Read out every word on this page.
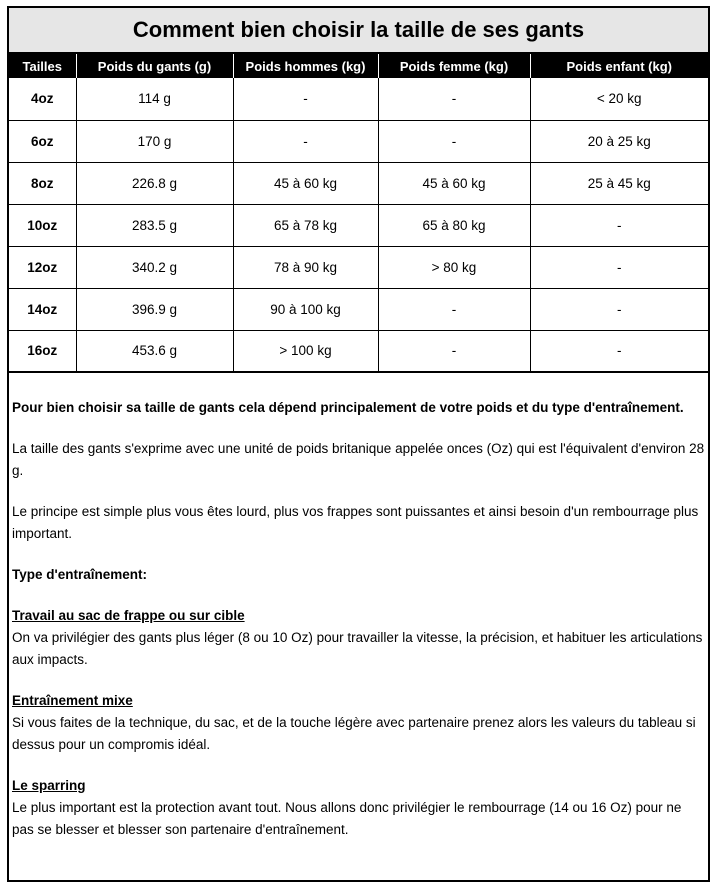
Comment bien choisir la taille de ses gants
Tailles	Poids du gants (g)	Poids hommes (kg)	Poids femme (kg)	Poids enfant (kg)
4oz	114 g	-	-	< 20 kg
6oz	170 g	-	-	20 à 25 kg
8oz	226.8 g	45 à 60 kg	45 à 60 kg	25 à 45 kg
10oz	283.5 g	65 à 78 kg	65 à 80 kg	-
12oz	340.2 g	78 à 90 kg	> 80 kg	-
14oz	396.9 g	90 à 100 kg	-	-
16oz	453.6 g	> 100 kg	-	-

Pour bien choisir sa taille de gants cela dépend principalement de votre poids et du type d'entraînement.

La taille des gants s'exprime avec une unité de poids britanique appelée onces (Oz) qui est l'équivalent d'environ 28 g.

Le principe est simple plus vous êtes lourd, plus vos frappes sont puissantes et ainsi besoin d'un rembourrage plus important.

Type d'entraînement:

Travail au sac de frappe ou sur cible
On va privilégier des gants plus léger (8 ou 10 Oz) pour travailler la vitesse, la précision, et habituer les articulations aux impacts.

Entraînement mixe
Si vous faites de la technique, du sac, et de la touche légère avec partenaire prenez alors les valeurs du tableau si dessus pour un compromis idéal.

Le sparring
Le plus important est la protection avant tout. Nous allons donc privilégier le rembourrage (14 ou 16 Oz) pour ne pas se blesser et blesser son partenaire d'entraînement.
